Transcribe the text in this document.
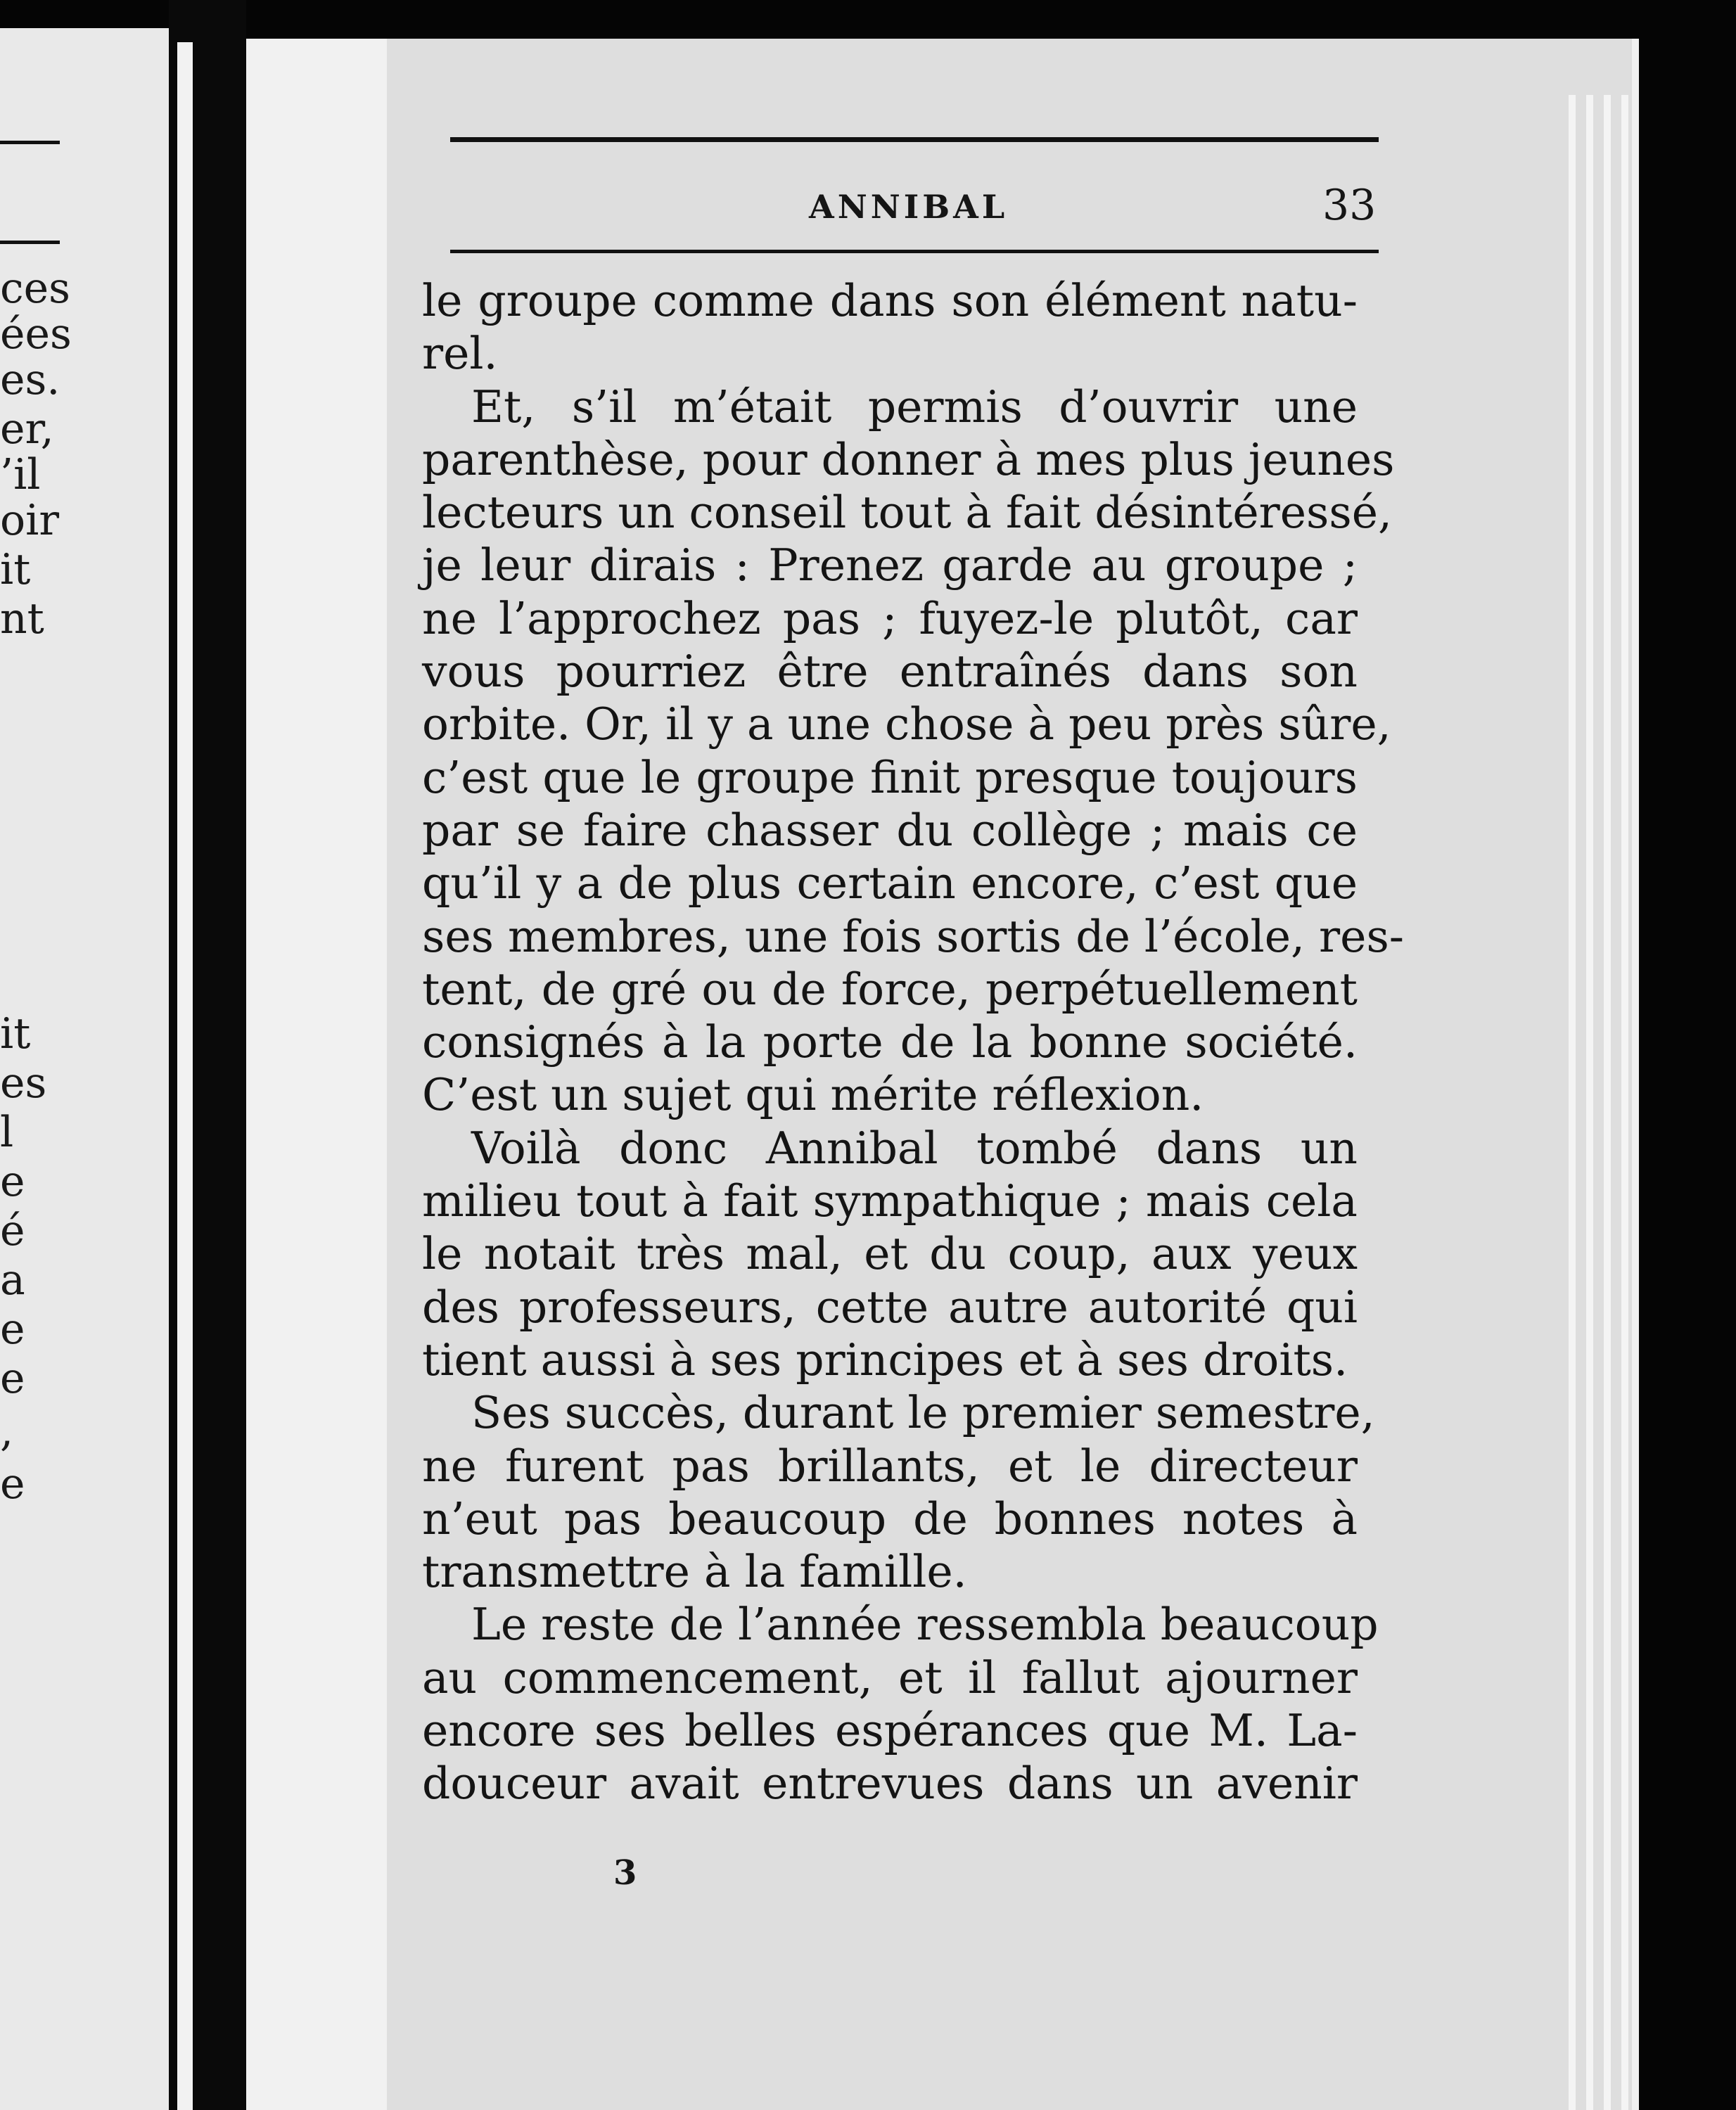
ces
ées
es.
er,
’il
oir
it
nt
it
es
l
e
é
a
e
e
,
e
ANNIBAL	33
le groupe comme dans son élément natu-
rel.
Et, s’il m’était permis d’ouvrir une
parenthèse, pour donner à mes plus jeunes
lecteurs un conseil tout à fait désintéressé,
je leur dirais : Prenez garde au groupe ;
ne l’approchez pas ; fuyez-le plutôt, car
vous pourriez être entraînés dans son
orbite. Or, il y a une chose à peu près sûre,
c’est que le groupe finit presque toujours
par se faire chasser du collège ; mais ce
qu’il y a de plus certain encore, c’est que
ses membres, une fois sortis de l’école, res-
tent, de gré ou de force, perpétuellement
consignés à la porte de la bonne société.
C’est un sujet qui mérite réflexion.
Voilà donc Annibal tombé dans un
milieu tout à fait sympathique ; mais cela
le notait très mal, et du coup, aux yeux
des professeurs, cette autre autorité qui
tient aussi à ses principes et à ses droits.
Ses succès, durant le premier semestre,
ne furent pas brillants, et le directeur
n’eut pas beaucoup de bonnes notes à
transmettre à la famille.
Le reste de l’année ressembla beaucoup
au commencement, et il fallut ajourner
encore ses belles espérances que M. La-
douceur avait entrevues dans un avenir
3
